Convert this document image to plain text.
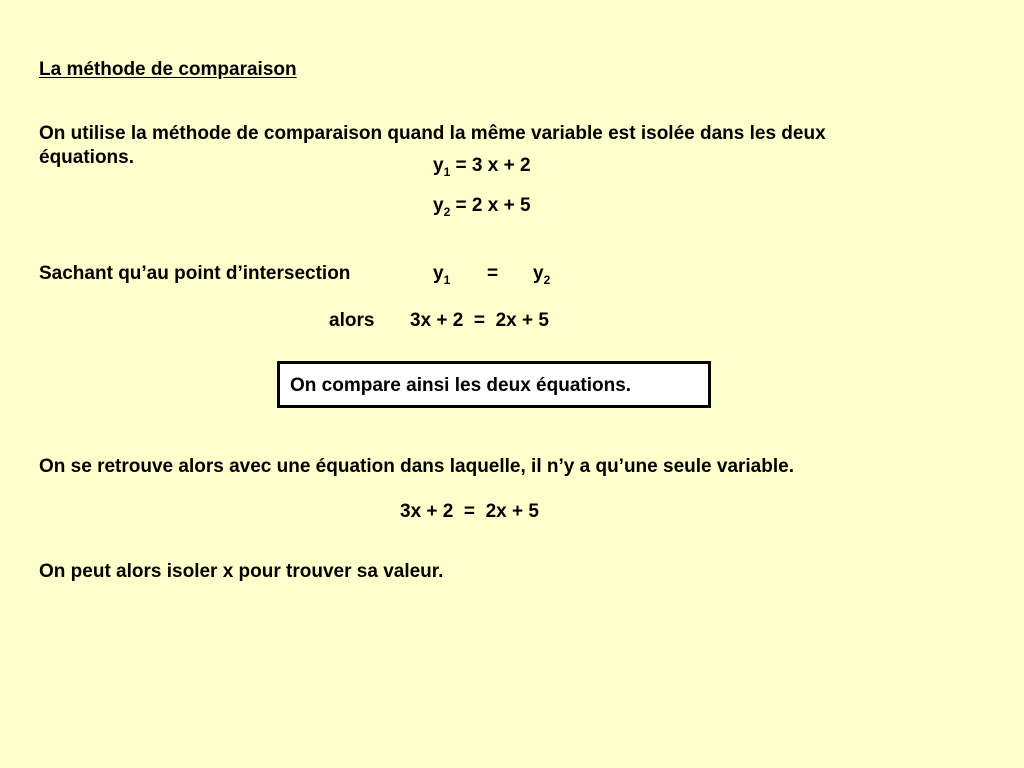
La méthode de comparaison
On utilise la méthode de comparaison quand la même variable est isolée dans les deux équations.	$y_1 = 3$ x + 2
$y_2 = 2$ x + 5
Sachant qu’au point d’intersection	$y_1 = y_2$
alors 3x + 2  =  2x + 5
On compare ainsi les deux équations.
On se retrouve alors avec une équation dans laquelle, il n’y a qu’une seule variable.
3x + 2  =  2x + 5
On peut alors isoler x pour trouver sa valeur.
